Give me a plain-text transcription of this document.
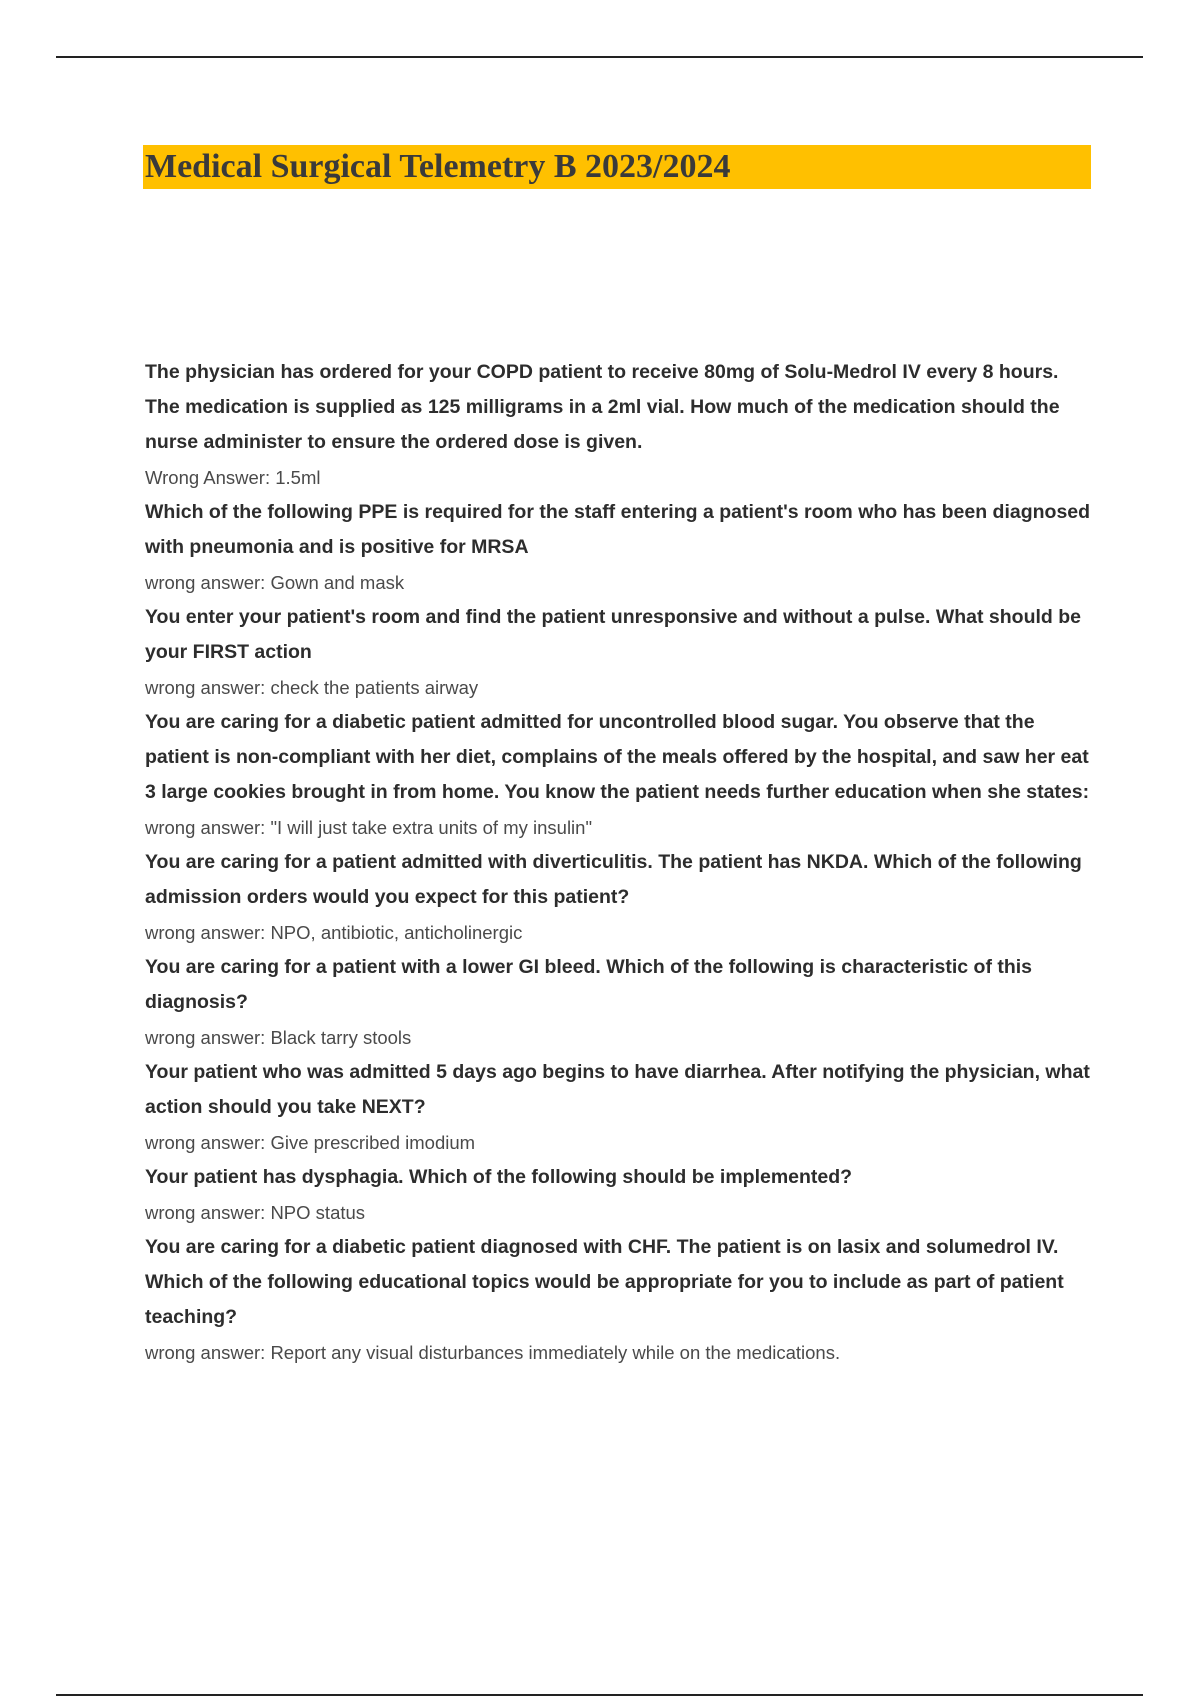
Medical Surgical Telemetry B 2023/2024

The physician has ordered for your COPD patient to receive 80mg of Solu-Medrol IV every 8 hours. The medication is supplied as 125 milligrams in a 2ml vial. How much of the medication should the nurse administer to ensure the ordered dose is given.

Wrong Answer: 1.5ml

Which of the following PPE is required for the staff entering a patient's room who has been diagnosed with pneumonia and is positive for MRSA

wrong answer: Gown and mask

You enter your patient's room and find the patient unresponsive and without a pulse. What should be your FIRST action

wrong answer: check the patients airway

You are caring for a diabetic patient admitted for uncontrolled blood sugar. You observe that the patient is non-compliant with her diet, complains of the meals offered by the hospital, and saw her eat 3 large cookies brought in from home. You know the patient needs further education when she states:

wrong answer: "I will just take extra units of my insulin"

You are caring for a patient admitted with diverticulitis. The patient has NKDA. Which of the following admission orders would you expect for this patient?

wrong answer: NPO, antibiotic, anticholinergic

You are caring for a patient with a lower GI bleed. Which of the following is characteristic of this diagnosis?

wrong answer: Black tarry stools

Your patient who was admitted 5 days ago begins to have diarrhea. After notifying the physician, what action should you take NEXT?

wrong answer: Give prescribed imodium

Your patient has dysphagia. Which of the following should be implemented?

wrong answer: NPO status

You are caring for a diabetic patient diagnosed with CHF. The patient is on lasix and solumedrol IV. Which of the following educational topics would be appropriate for you to include as part of patient teaching?

wrong answer: Report any visual disturbances immediately while on the medications.
